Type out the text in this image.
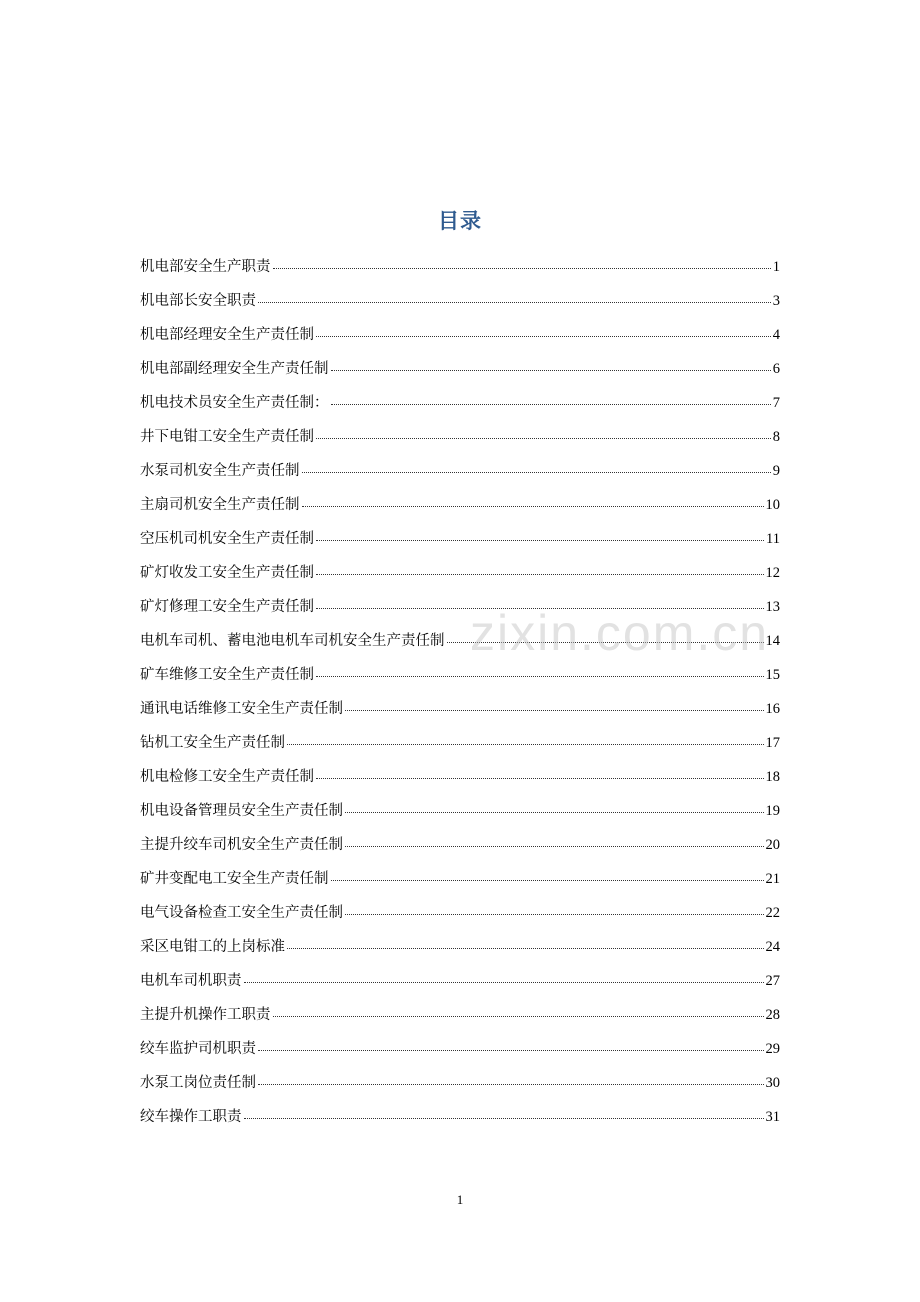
目录
机电部安全生产职责	1
机电部长安全职责	3
机电部经理安全生产责任制	4
机电部副经理安全生产责任制	6
机电技术员安全生产责任制：	7
井下电钳工安全生产责任制	8
水泵司机安全生产责任制	9
主扇司机安全生产责任制	10
空压机司机安全生产责任制	11
矿灯收发工安全生产责任制	12
矿灯修理工安全生产责任制	13
电机车司机、蓄电池电机车司机安全生产责任制	14
矿车维修工安全生产责任制	15
通讯电话维修工安全生产责任制	16
钻机工安全生产责任制	17
机电检修工安全生产责任制	18
机电设备管理员安全生产责任制	19
主提升绞车司机安全生产责任制	20
矿井变配电工安全生产责任制	21
电气设备检查工安全生产责任制	22
采区电钳工的上岗标准	24
电机车司机职责	27
主提升机操作工职责	28
绞车监护司机职责	29
水泵工岗位责任制	30
绞车操作工职责	31
zixin.com.cn
1
